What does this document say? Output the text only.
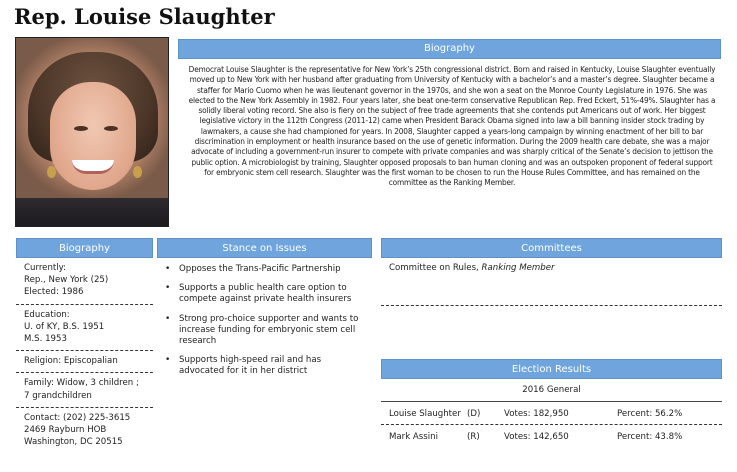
Rep. Louise Slaughter
Biography
Democrat Louise Slaughter is the representative for New York’s 25th congressional district. Born and raised in Kentucky, Louise Slaughter eventually moved up to New York with her husband after graduating from University of Kentucky with a bachelor’s and a master’s degree. Slaughter became a staffer for Mario Cuomo when he was lieutenant governor in the 1970s, and she won a seat on the Monroe County Legislature in 1976. She was elected to the New York Assembly in 1982. Four years later, she beat one-term conservative Republican Rep. Fred Eckert, 51%-49%. Slaughter has a solidly liberal voting record. She also is fiery on the subject of free trade agreements that she contends put Americans out of work. Her biggest legislative victory in the 112th Congress (2011-12) came when President Barack Obama signed into law a bill banning insider stock trading by lawmakers, a cause she had championed for years. In 2008, Slaughter capped a years-long campaign by winning enactment of her bill to bar discrimination in employment or health insurance based on the use of genetic information. During the 2009 health care debate, she was a major advocate of including a government-run insurer to compete with private companies and was sharply critical of the Senate’s decision to jettison the public option. A microbiologist by training, Slaughter opposed proposals to ban human cloning and was an outspoken proponent of federal support for embryonic stem cell research. Slaughter was the first woman to be chosen to run the House Rules Committee, and has remained on the committee as the Ranking Member.
Biography
Currently:
Rep., New York (25)
Elected: 1986
Education:
U. of KY, B.S. 1951
M.S. 1953
Religion: Episcopalian
Family: Widow, 3 children ;
7 grandchildren
Contact: (202) 225-3615
2469 Rayburn HOB
Washington, DC 20515
Stance on Issues
• Opposes the Trans-Pacific Partnership
• Supports a public health care option to compete against private health insurers
• Strong pro-choice supporter and wants to increase funding for embryonic stem cell research
• Supports high-speed rail and has advocated for it in her district
Committees
Committee on Rules, Ranking Member
Election Results
2016 General
Louise Slaughter (D)	Votes: 182,950	Percent: 56.2%
Mark Assini	(R)	Votes: 142,650	Percent: 43.8%
